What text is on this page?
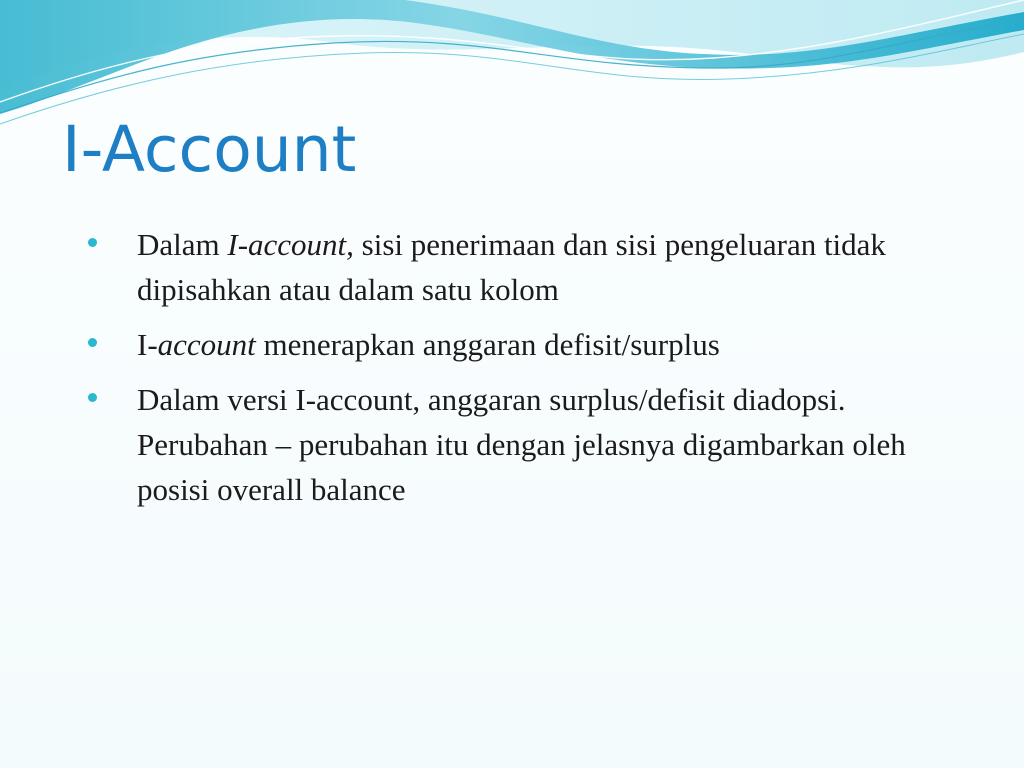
I-Account
Dalam I-account, sisi penerimaan dan sisi pengeluaran tidak dipisahkan atau dalam satu kolom
I-account menerapkan anggaran defisit/surplus
Dalam versi I-account, anggaran surplus/defisit diadopsi. Perubahan – perubahan itu dengan jelasnya digambarkan oleh posisi overall balance
